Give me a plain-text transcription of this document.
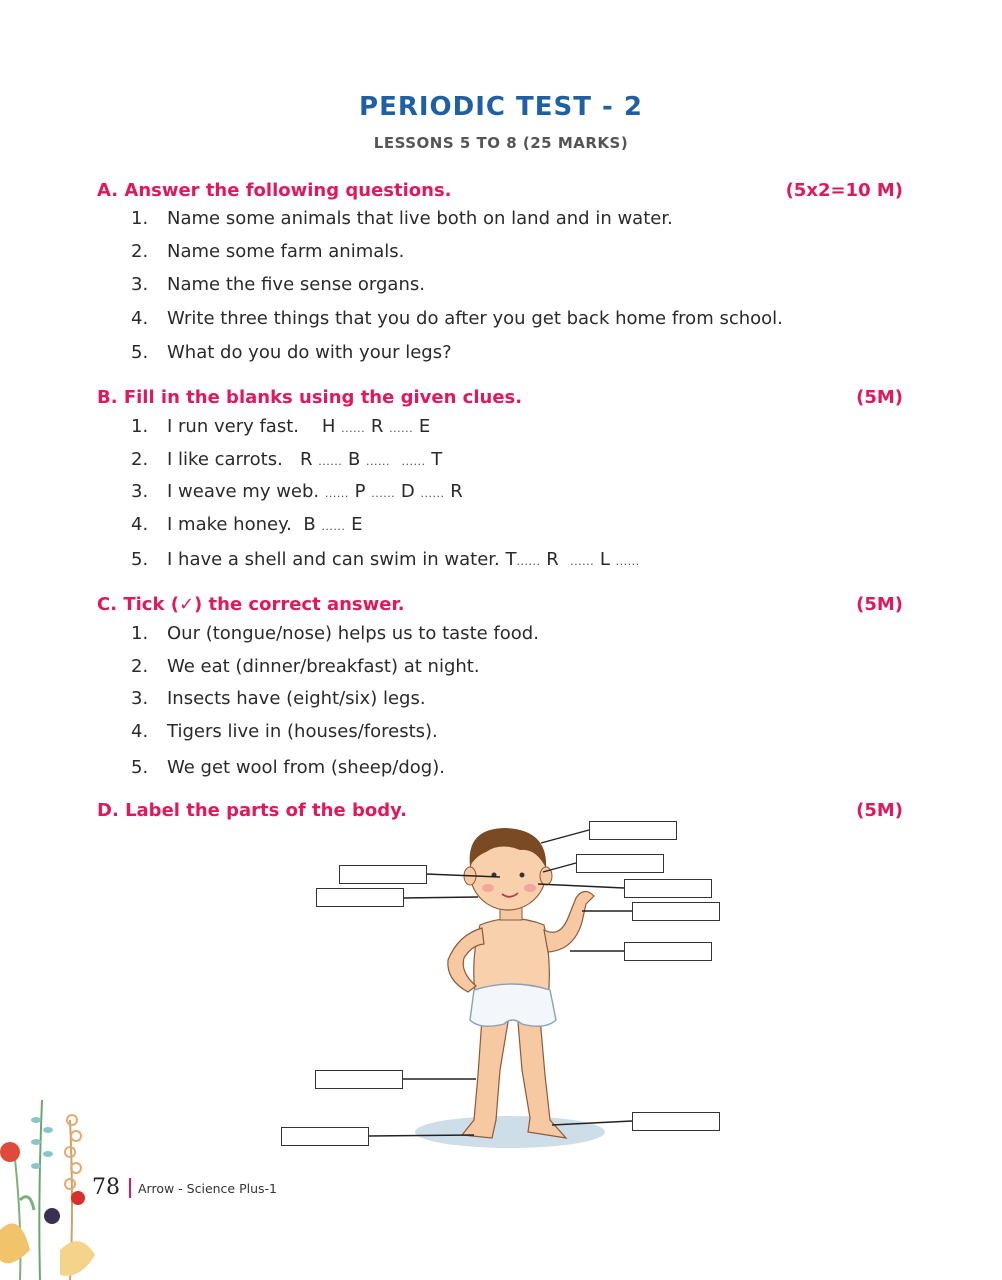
PERIODIC TEST - 2
LESSONS 5 TO 8 (25 MARKS)
A. Answer the following questions.	(5x2=10 M)
1. Name some animals that live both on land and in water.
2. Name some farm animals.
3. Name the five sense organs.
4. Write three things that you do after you get back home from school.
5. What do you do with your legs?
B. Fill in the blanks using the given clues.	(5M)
1. I run very fast. H ...... R ...... E
2. I like carrots. R ...... B ...... ...... T
3. I weave my web. ...... P ...... D ...... R
4. I make honey. B ...... E
5. I have a shell and can swim in water. T...... R ...... L ......
C. Tick (✓) the correct answer.	(5M)
1. Our (tongue/nose) helps us to taste food.
2. We eat (dinner/breakfast) at night.
3. Insects have (eight/six) legs.
4. Tigers live in (houses/forests).
5. We get wool from (sheep/dog).
D. Label the parts of the body.	(5M)
78 Arrow - Science Plus-1
